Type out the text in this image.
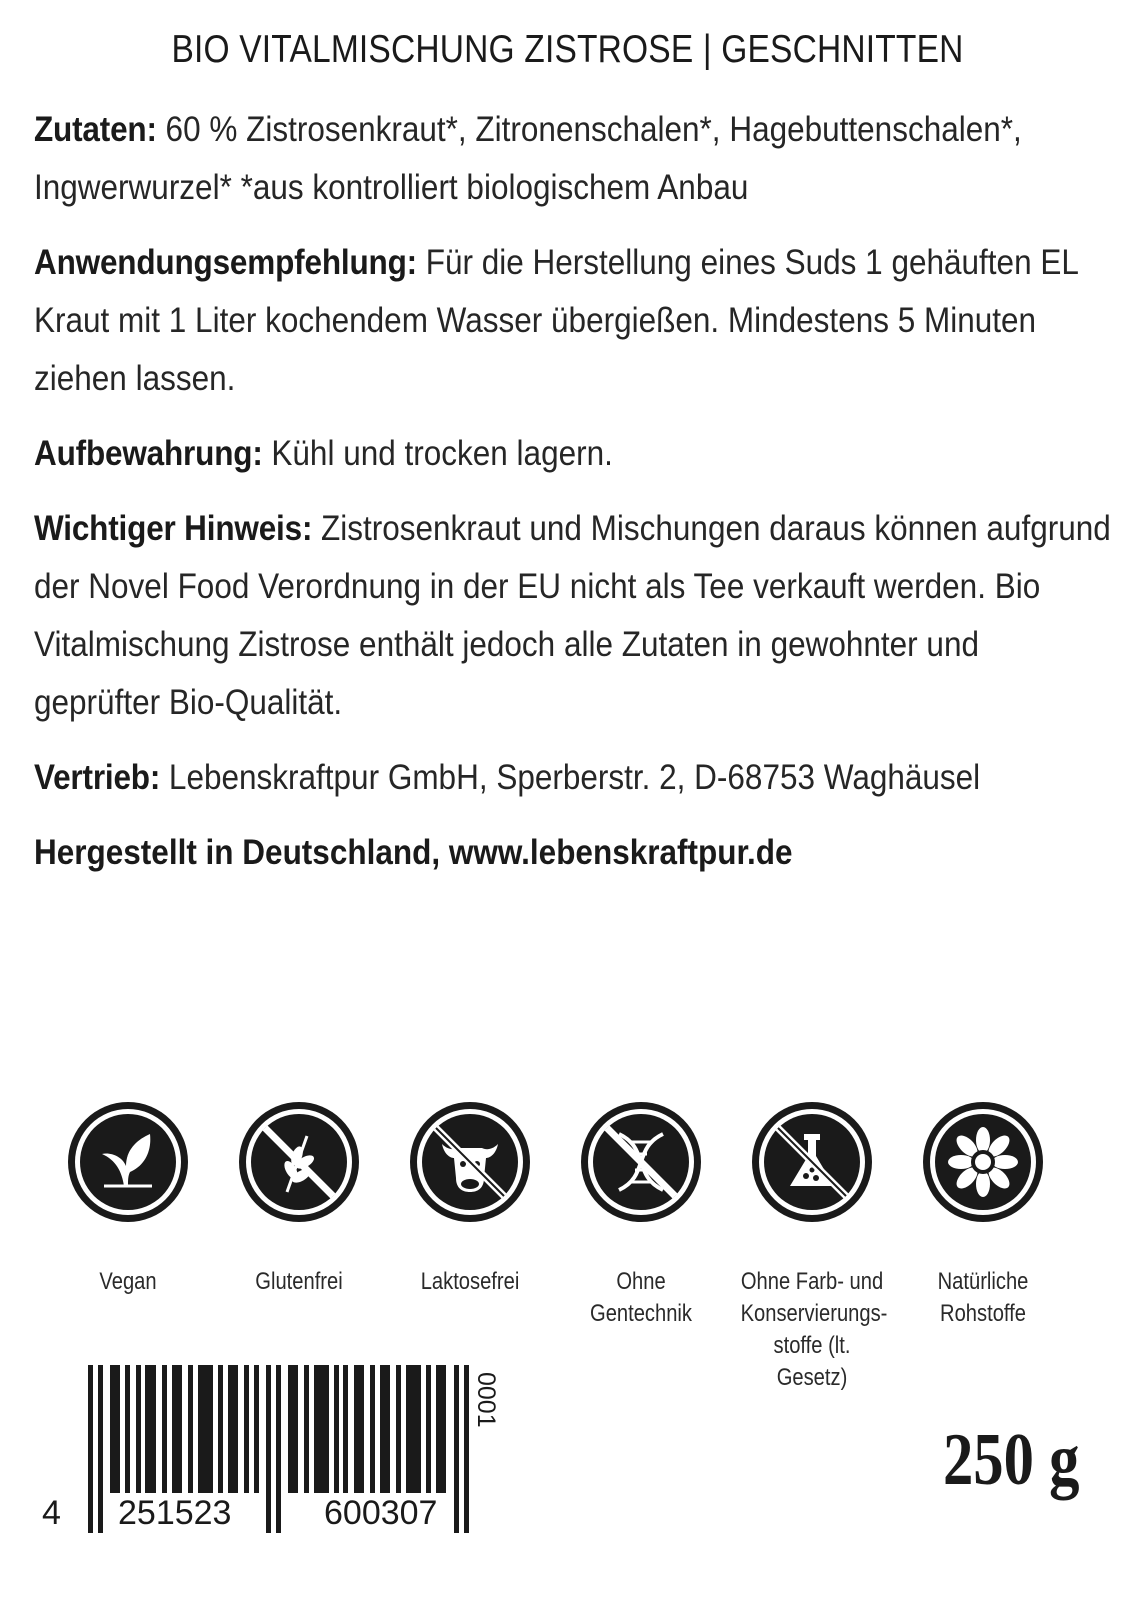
BIO VITALMISCHUNG ZISTROSE | GESCHNITTEN

Zutaten: 60 % Zistrosenkraut*, Zitronenschalen*, Hagebuttenschalen*, Ingwerwurzel* *aus kontrolliert biologischem Anbau

Anwendungsempfehlung: Für die Herstellung eines Suds 1 gehäuften EL Kraut mit 1 Liter kochendem Wasser übergießen. Mindestens 5 Minuten ziehen lassen.

Aufbewahrung: Kühl und trocken lagern.

Wichtiger Hinweis: Zistrosenkraut und Mischungen daraus können aufgrund der Novel Food Verordnung in der EU nicht als Tee verkauft werden. Bio Vitalmischung Zistrose enthält jedoch alle Zutaten in gewohnter und geprüfter Bio-Qualität.

Vertrieb: Lebenskraftpur GmbH, Sperberstr. 2, D-68753 Waghäusel

Hergestellt in Deutschland, www.lebenskraftpur.de

Vegan	Glutenfrei	Laktosefrei	Ohne
Gentechnik
Ohne Farb- und
Konservierungs-
stoffe (lt. Gesetz)
Natürliche
Rohstoffe
4 251523	600307
0001
250 g
